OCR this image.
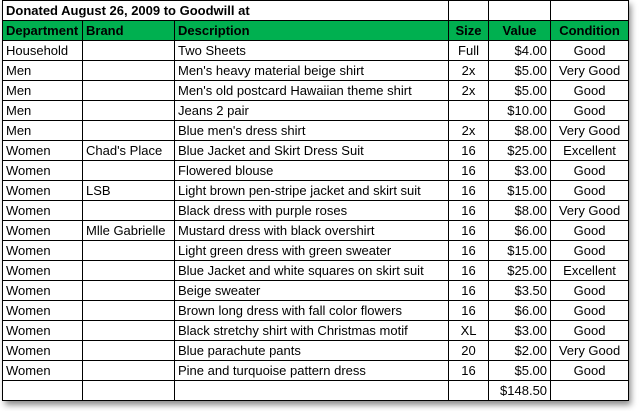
Donated August 26, 2009 to Goodwill at					
Department	Brand	Description	Size	Value	Condition
Household		Two Sheets	Full	$4.00	Good
Men		Men's heavy material beige shirt	2x	$5.00	Very Good
Men		Men's old postcard Hawaiian theme shirt	2x	$5.00	Good
Men		Jeans 2 pair		$10.00	Good
Men		Blue men's dress shirt	2x	$8.00	Very Good
Women	Chad's Place	Blue Jacket and Skirt Dress Suit	16	$25.00	Excellent
Women		Flowered blouse	16	$3.00	Good
Women	LSB	Light brown pen-stripe jacket and skirt suit	16	$15.00	Good
Women		Black dress with purple roses	16	$8.00	Very Good
Women	Mlle Gabrielle	Mustard dress with black overshirt	16	$6.00	Good
Women		Light green dress with green sweater	16	$15.00	Good
Women		Blue Jacket and white squares on skirt suit	16	$25.00	Excellent
Women		Beige sweater	16	$3.50	Good
Women		Brown long dress with fall color flowers	16	$6.00	Good
Women		Black stretchy shirt with Christmas motif	XL	$3.00	Good
Women		Blue parachute pants	20	$2.00	Very Good
Women		Pine and turquoise pattern dress	16	$5.00	Good
				$148.50	
